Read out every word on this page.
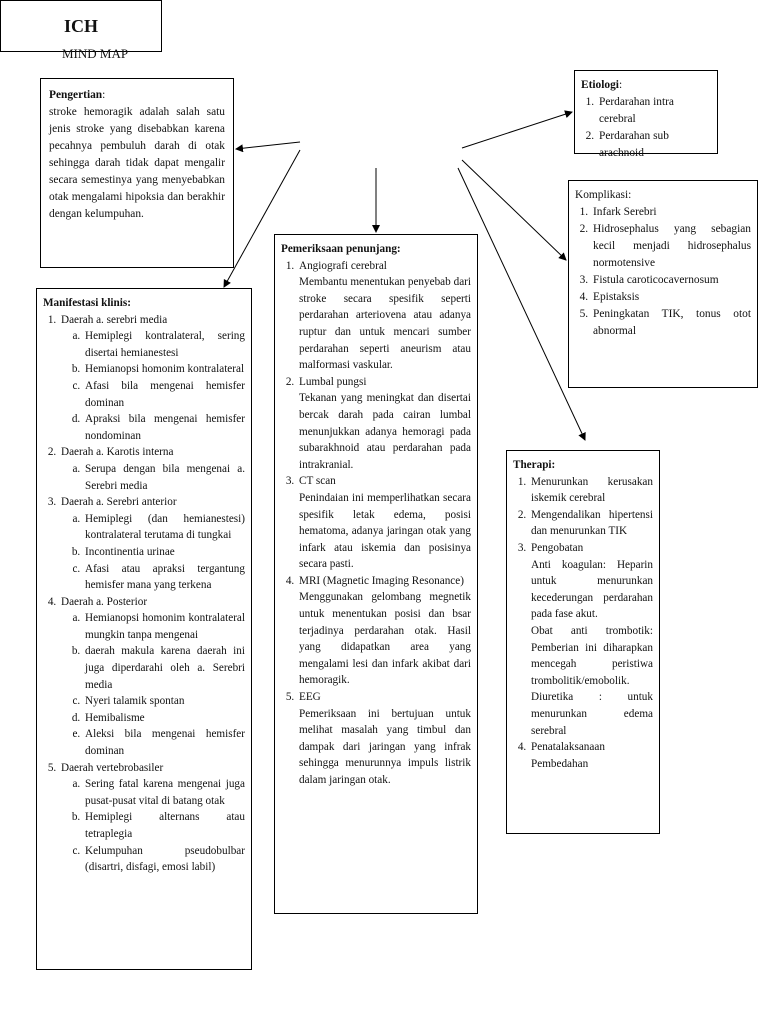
MIND MAP
ICH
Pengertian:
stroke hemoragik adalah salah satu jenis stroke yang disebabkan karena pecahnya pembuluh darah di otak sehingga darah tidak dapat mengalir secara semestinya yang menyebabkan otak mengalami hipoksia dan berakhir dengan kelumpuhan.
Etiologi:
1. Perdarahan intra cerebral
2. Perdarahan sub arachnoid
Komplikasi:
1. Infark Serebri
2. Hidrosephalus yang sebagian kecil menjadi hidrosephalus normotensive
3. Fistula caroticocavernosum
4. Epistaksis
5. Peningkatan TIK, tonus otot abnormal
Manifestasi klinis:
1. Daerah a. serebri media
a. Hemiplegi kontralateral, sering disertai hemianestesi
b. Hemianopsi homonim kontralateral
c. Afasi bila mengenai hemisfer dominan
d. Apraksi bila mengenai hemisfer nondominan
2. Daerah a. Karotis interna
a. Serupa dengan bila mengenai a. Serebri media
3. Daerah a. Serebri anterior
a. Hemiplegi (dan hemianestesi) kontralateral terutama di tungkai
b. Incontinentia urinae
c. Afasi atau apraksi tergantung hemisfer mana yang terkena
4. Daerah a. Posterior
a. Hemianopsi homonim kontralateral mungkin tanpa mengenai
b. daerah makula karena daerah ini juga diperdarahi oleh a. Serebri media
c. Nyeri talamik spontan
d. Hemibalisme
e. Aleksi bila mengenai hemisfer dominan
5. Daerah vertebrobasiler
a. Sering fatal karena mengenai juga pusat-pusat vital di batang otak
b. Hemiplegi alternans atau tetraplegia
c. Kelumpuhan pseudobulbar (disartri, disfagi, emosi labil)
Pemeriksaan penunjang:
1. Angiografi cerebral
Membantu menentukan penyebab dari stroke secara spesifik seperti perdarahan arteriovena atau adanya ruptur dan untuk mencari sumber perdarahan seperti aneurism atau malformasi vaskular.
2. Lumbal pungsi
Tekanan yang meningkat dan disertai bercak darah pada cairan lumbal menunjukkan adanya hemoragi pada subarakhnoid atau perdarahan pada intrakranial.
3. CT scan
Penindaian ini memperlihatkan secara spesifik letak edema, posisi hematoma, adanya jaringan otak yang infark atau iskemia dan posisinya secara pasti.
4. MRI (Magnetic Imaging Resonance)
Menggunakan gelombang megnetik untuk menentukan posisi dan bsar terjadinya perdarahan otak. Hasil yang didapatkan area yang mengalami lesi dan infark akibat dari hemoragik.
5. EEG
Pemeriksaan ini bertujuan untuk melihat masalah yang timbul dan dampak dari jaringan yang infrak sehingga menurunnya impuls listrik dalam jaringan otak.
Therapi:
1. Menurunkan kerusakan iskemik cerebral
2. Mengendalikan hipertensi dan menurunkan TIK
3. Pengobatan
Anti koagulan: Heparin untuk menurunkan kecederungan perdarahan pada fase akut.
Obat anti trombotik: Pemberian ini diharapkan mencegah peristiwa trombolitik/emobolik.
Diuretika : untuk menurunkan edema serebral
4. Penatalaksanaan Pembedahan
